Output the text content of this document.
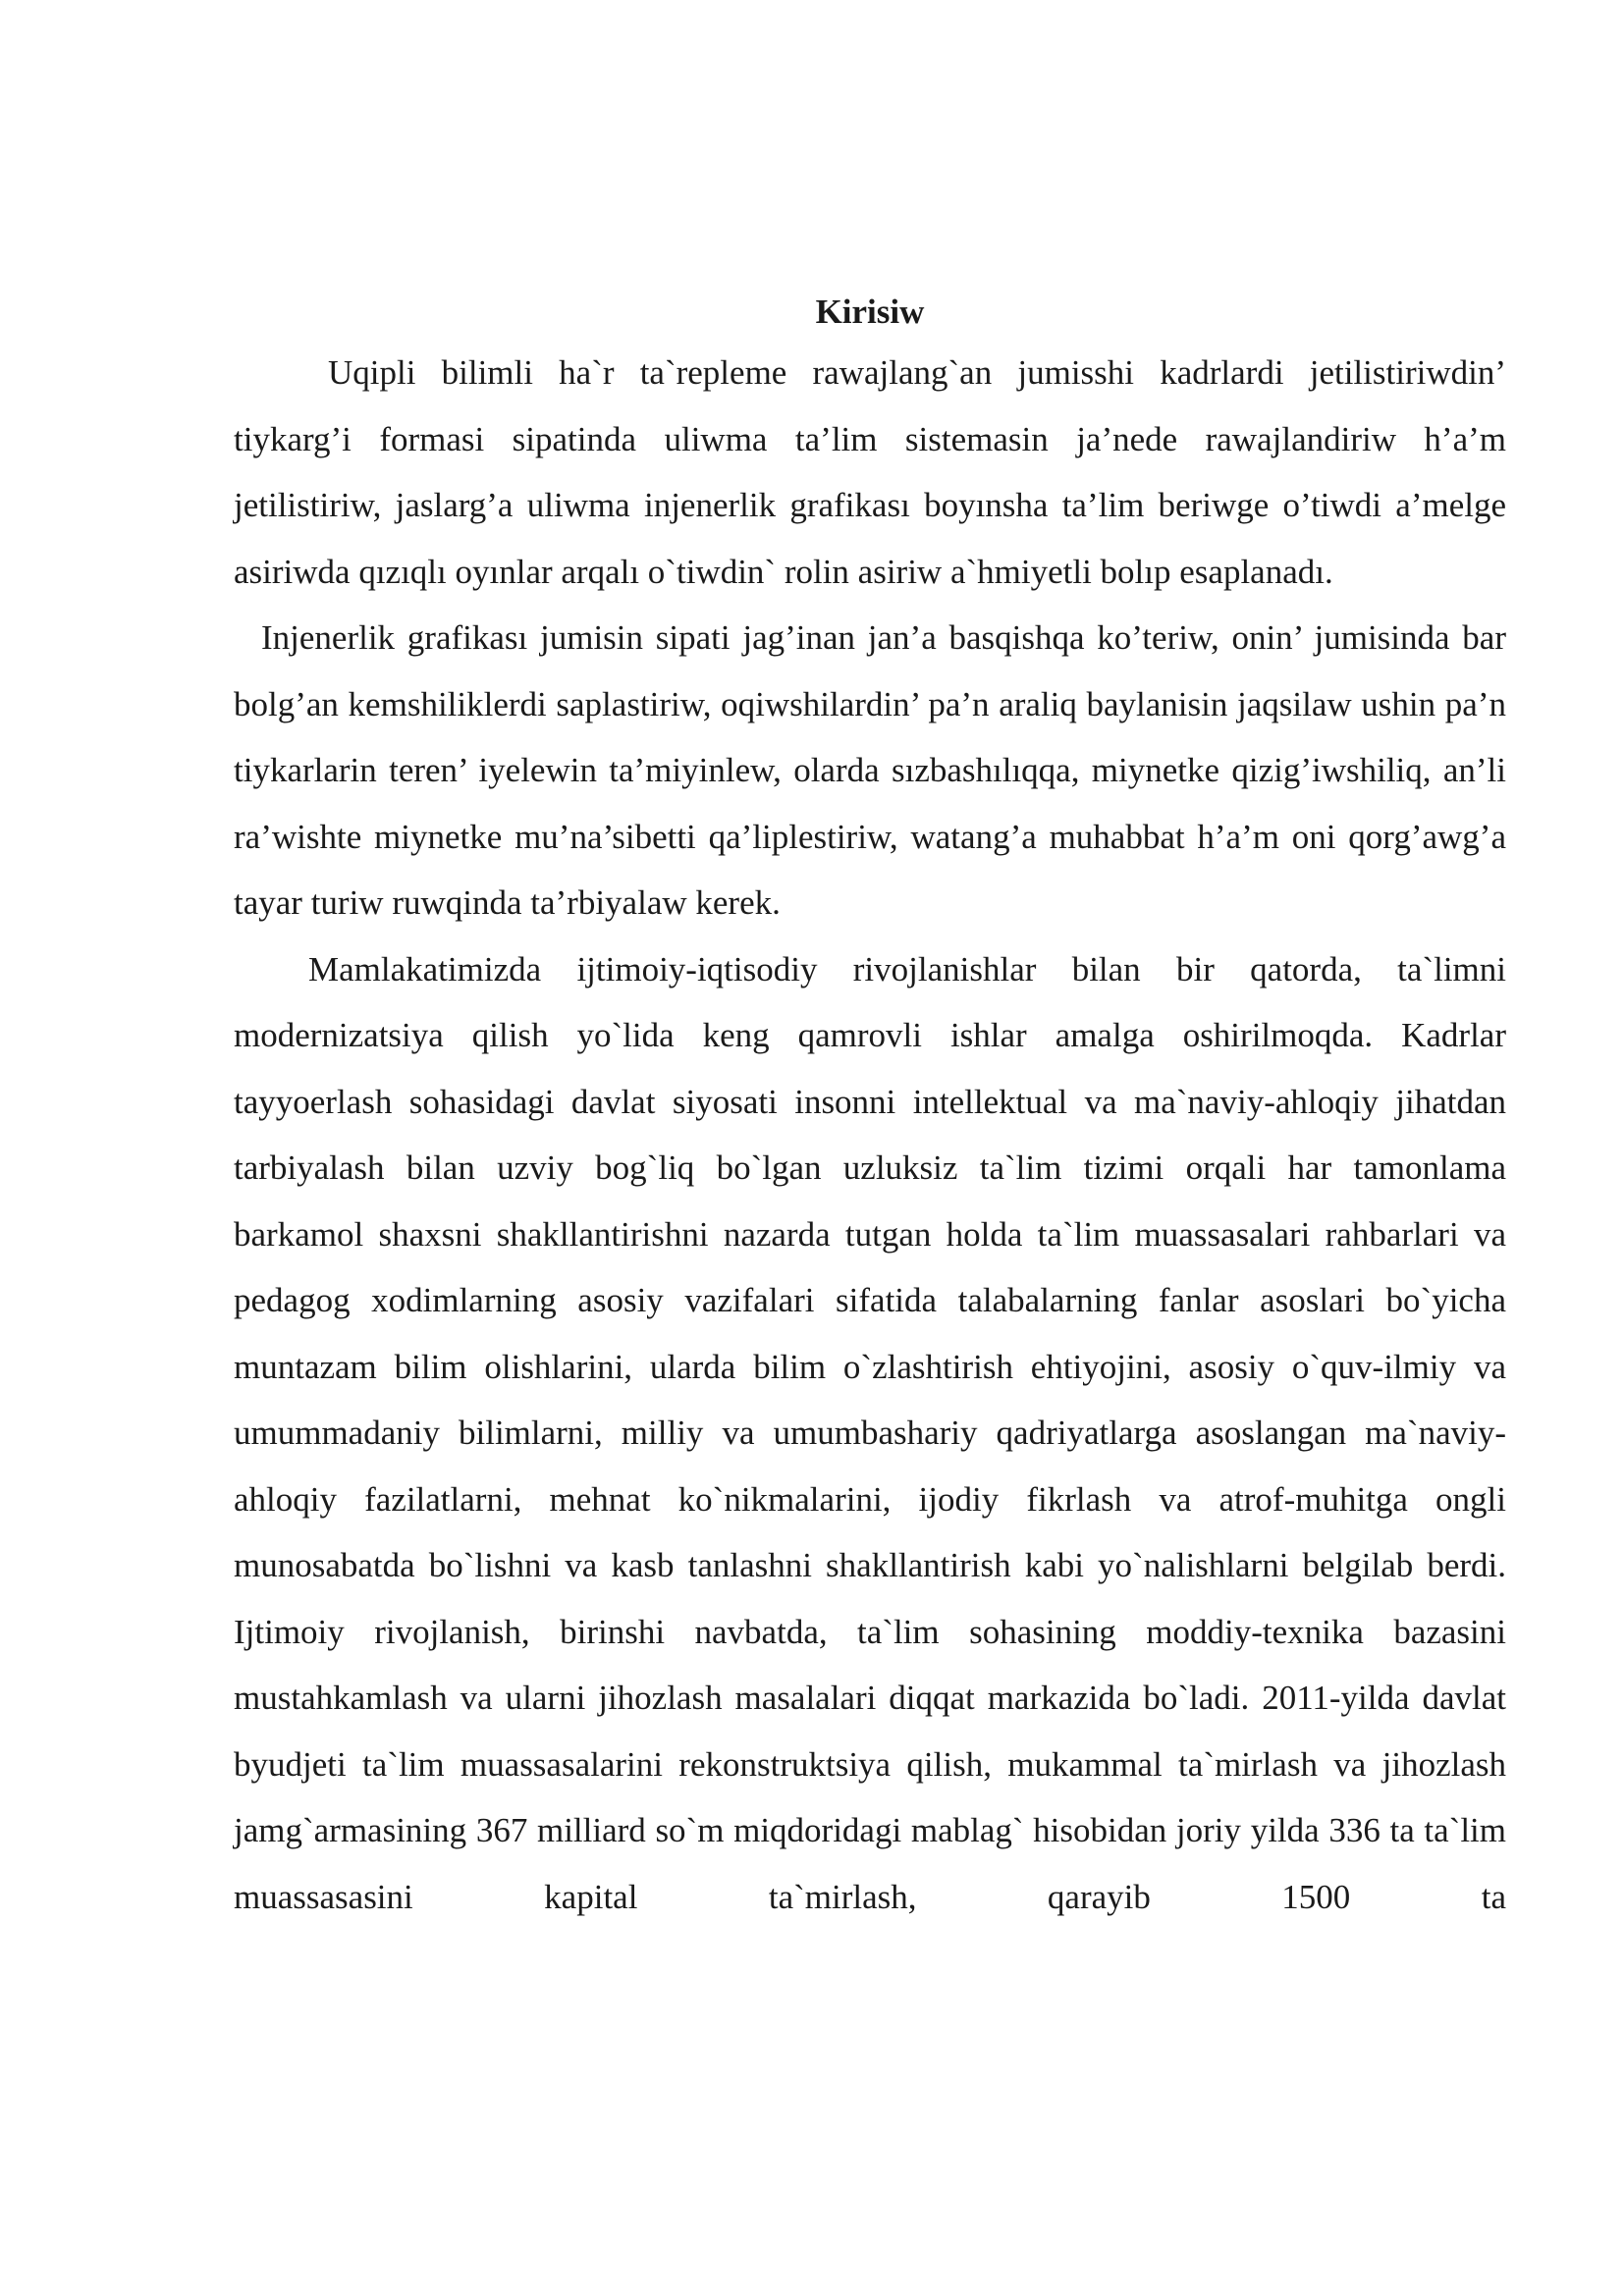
Kirisiw

Uqipli bilimli ha`r ta`repleme rawajlang`an jumisshi kadrlardi jetilistiriwdin’ tiykarg’i formasi sipatinda uliwma ta’lim sistemasin ja’nede rawajlandiriw h’a’m jetilistiriw, jaslarg’a uliwma injenerlik grafikası boyınsha ta’lim beriwge o’tiwdi a’melge asiriwda qızıqlı oyınlar arqalı o`tiwdin` rolin asiriw a`hmiyetli bolıp esaplanadı.

Injenerlik grafikası jumisin sipati jag’inan jan’a basqishqa ko’teriw, onin’ jumisinda bar bolg’an kemshiliklerdi saplastiriw, oqiwshilardin’ pa’n araliq baylanisin jaqsilaw ushin pa’n tiykarlarin teren’ iyelewin ta’miyinlew, olarda sızbashılıqqa, miynetke qizig’iwshiliq, an’li ra’wishte miynetke mu’na’sibetti qa’liplestiriw, watang’a muhabbat h’a’m oni qorg’awg’a tayar turiw ruwqinda ta’rbiyalaw kerek.

Mamlakatimizda ijtimoiy-iqtisodiy rivojlanishlar bilan bir qatorda, ta`limni modernizatsiya qilish yo`lida keng qamrovli ishlar amalga oshirilmoqda. Kadrlar tayyoerlash sohasidagi davlat siyosati insonni intellektual va ma`naviy-ahloqiy jihatdan tarbiyalash bilan uzviy bog`liq bo`lgan uzluksiz ta`lim tizimi orqali har tamonlama barkamol shaxsni shakllantirishni nazarda tutgan holda ta`lim muassasalari rahbarlari va pedagog xodimlarning asosiy vazifalari sifatida talabalarning fanlar asoslari bo`yicha muntazam bilim olishlarini, ularda bilim o`zlashtirish ehtiyojini, asosiy o`quv-ilmiy va umummadaniy bilimlarni, milliy va umumbashariy qadriyatlarga asoslangan ma`naviy-ahloqiy fazilatlarni, mehnat ko`nikmalarini, ijodiy fikrlash va atrof-muhitga ongli munosabatda bo`lishni va kasb tanlashni shakllantirish kabi yo`nalishlarni belgilab berdi. Ijtimoiy rivojlanish, birinshi navbatda, ta`lim sohasining moddiy-texnika bazasini mustahkamlash va ularni jihozlash masalalari diqqat markazida bo`ladi. 2011-yilda davlat byudjeti ta`lim muassasalarini rekonstruktsiya qilish, mukammal ta`mirlash va jihozlash jamg`armasining 367 milliard so`m miqdoridagi mablag` hisobidan joriy yilda 336 ta ta`lim muassasasini kapital ta`mirlash, qarayib 1500 ta
